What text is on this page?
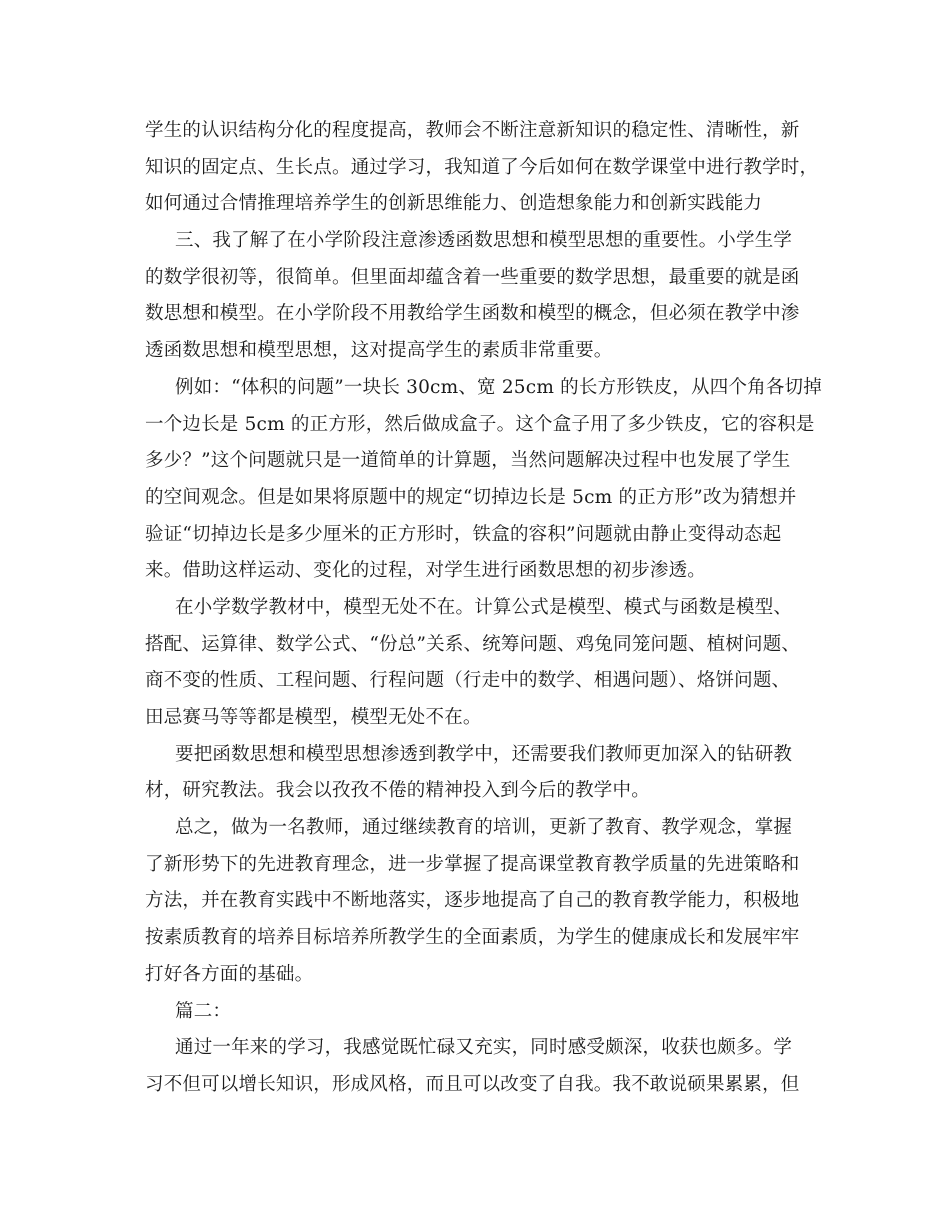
学生的认识结构分化的程度提高，教师会不断注意新知识的稳定性、清晰性，新
知识的固定点、生长点。通过学习，我知道了今后如何在数学课堂中进行教学时，
如何通过合情推理培养学生的创新思维能力、创造想象能力和创新实践能力
三、我了解了在小学阶段注意渗透函数思想和模型思想的重要性。小学生学
的数学很初等，很简单。但里面却蕴含着一些重要的数学思想，最重要的就是函
数思想和模型。在小学阶段不用教给学生函数和模型的概念，但必须在教学中渗
透函数思想和模型思想，这对提高学生的素质非常重要。
例如：“体积的问题”一块长 30cm、宽 25cm 的长方形铁皮，从四个角各切掉
一个边长是 5cm 的正方形，然后做成盒子。这个盒子用了多少铁皮，它的容积是
多少？”这个问题就只是一道简单的计算题，当然问题解决过程中也发展了学生
的空间观念。但是如果将原题中的规定“切掉边长是 5cm 的正方形”改为猜想并
验证“切掉边长是多少厘米的正方形时，铁盒的容积”问题就由静止变得动态起
来。借助这样运动、变化的过程，对学生进行函数思想的初步渗透。
在小学数学教材中，模型无处不在。计算公式是模型、模式与函数是模型、
搭配、运算律、数学公式、“份总”关系、统筹问题、鸡兔同笼问题、植树问题、
商不变的性质、工程问题、行程问题（行走中的数学、相遇问题）、烙饼问题、
田忌赛马等等都是模型，模型无处不在。
要把函数思想和模型思想渗透到教学中，还需要我们教师更加深入的钻研教
材，研究教法。我会以孜孜不倦的精神投入到今后的教学中。
总之，做为一名教师，通过继续教育的培训，更新了教育、教学观念，掌握
了新形势下的先进教育理念，进一步掌握了提高课堂教育教学质量的先进策略和
方法，并在教育实践中不断地落实，逐步地提高了自己的教育教学能力，积极地
按素质教育的培养目标培养所教学生的全面素质，为学生的健康成长和发展牢牢
打好各方面的基础。
篇二：
通过一年来的学习，我感觉既忙碌又充实，同时感受颇深，收获也颇多。学
习不但可以增长知识，形成风格，而且可以改变了自我。我不敢说硕果累累，但
